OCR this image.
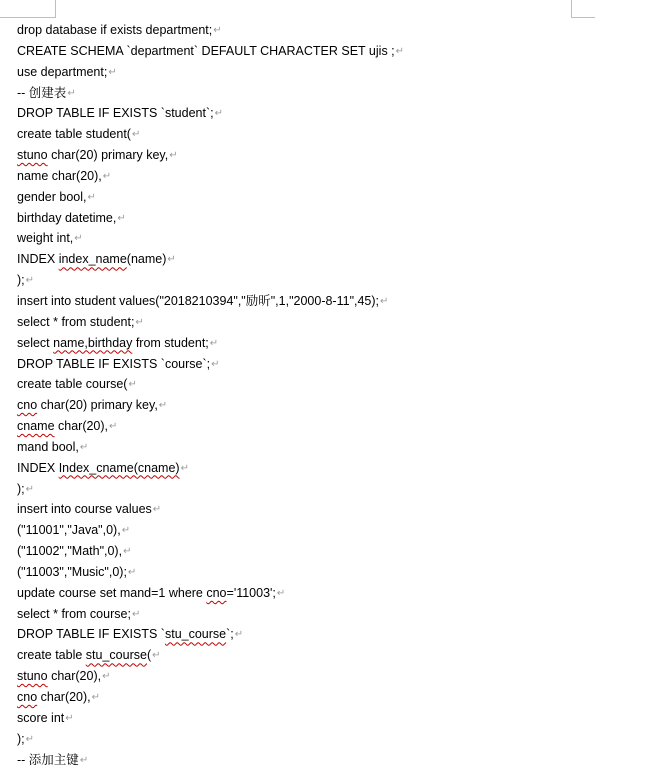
drop database if exists department;↵
CREATE SCHEMA `department` DEFAULT CHARACTER SET ujis ;↵
use department;↵
-- 创建表↵
DROP TABLE IF EXISTS `student`;↵
create table student(↵
stuno char(20) primary key,↵
name char(20),↵
gender bool,↵
birthday datetime,↵
weight int,↵
INDEX index_name(name)↵
);↵
insert into student values("2018210394","励昕",1,"2000-8-11",45);↵
select * from student;↵
select name,birthday from student;↵
DROP TABLE IF EXISTS `course`;↵
create table course(↵
cno char(20) primary key,↵
cname char(20),↵
mand bool,↵
INDEX Index_cname(cname)↵
);↵
insert into course values↵
("11001","Java",0),↵
("11002","Math",0),↵
("11003","Music",0);↵
update course set mand=1 where cno='11003';↵
select * from course;↵
DROP TABLE IF EXISTS `stu_course`;↵
create table stu_course(↵
stuno char(20),↵
cno char(20),↵
score int↵
);↵
-- 添加主键↵
